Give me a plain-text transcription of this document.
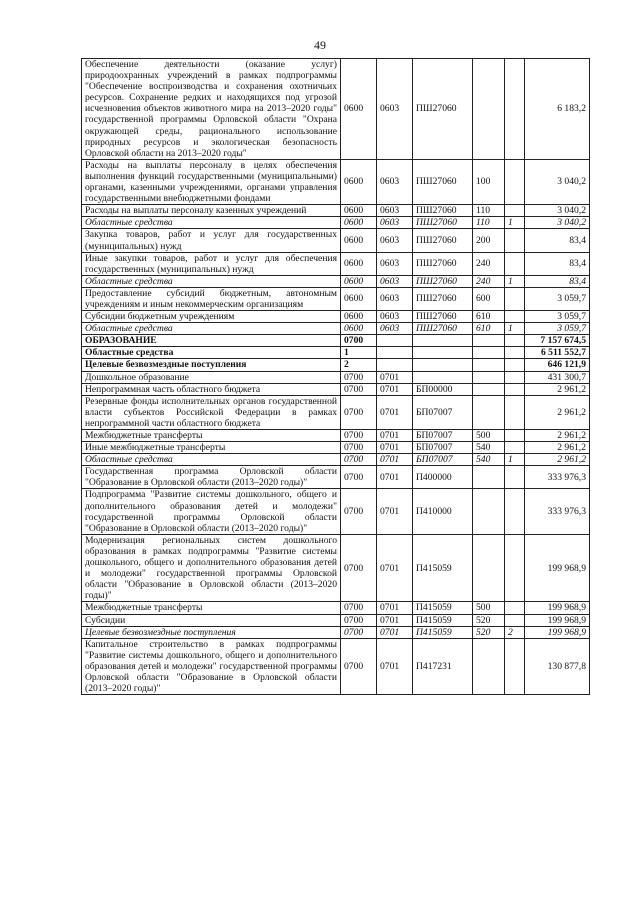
49
Обеспечение деятельности (оказание услуг) природоохранных учреждений в рамках подпрограммы "Обеспечение воспроизводства и сохранения охотничьих ресурсов. Сохранение редких и находящихся под угрозой исчезновения объектов животного мира на 2013–2020 годы" государственной программы Орловской области "Охрана окружающей среды, рационального использование природных ресурсов и экологическая безопасность Орловской области на 2013–2020 годы"	0600	0603	ПШ27060			6 183,2
Расходы на выплаты персоналу в целях обеспечения выполнения функций государственными (муниципальными) органами, казенными учреждениями, органами управления государственными внебюджетными фондами	0600	0603	ПШ27060	100		3 040,2
Расходы на выплаты персоналу казенных учреждений	0600	0603	ПШ27060	110		3 040,2
Областные средства	0600	0603	ПШ27060	110	1	3 040,2
Закупка товаров, работ и услуг для государственных (муниципальных) нужд	0600	0603	ПШ27060	200		83,4
Иные закупки товаров, работ и услуг для обеспечения государственных (муниципальных) нужд	0600	0603	ПШ27060	240		83,4
Областные средства	0600	0603	ПШ27060	240	1	83,4
Предоставление субсидий бюджетным, автономным учреждениям и иным некоммерческим организациям	0600	0603	ПШ27060	600		3 059,7
Субсидии бюджетным учреждениям	0600	0603	ПШ27060	610		3 059,7
Областные средства	0600	0603	ПШ27060	610	1	3 059,7
ОБРАЗОВАНИЕ	0700					7 157 674,5
Областные средства	1					6 511 552,7
Целевые безвозмездные поступления	2					646 121,9
Дошкольное образование	0700	0701				431 300,7
Непрограммная часть областного бюджета	0700	0701	БП00000			2 961,2
Резервные фонды исполнительных органов государственной власти субъектов Российской Федерации в рамках непрограммной части областного бюджета	0700	0701	БП07007			2 961,2
Межбюджетные трансферты	0700	0701	БП07007	500		2 961,2
Иные межбюджетные трансферты	0700	0701	БП07007	540		2 961,2
Областные средства	0700	0701	БП07007	540	1	2 961,2
Государственная программа Орловской области "Образование в Орловской области (2013–2020 годы)"	0700	0701	П400000			333 976,3
Подпрограмма "Развитие системы дошкольного, общего и дополнительного образования детей и молодежи" государственной программы Орловской области "Образование в Орловской области (2013–2020 годы)"	0700	0701	П410000			333 976,3
Модернизация региональных систем дошкольного образования в рамках подпрограммы "Развитие системы дошкольного, общего и дополнительного образования детей и молодежи" государственной программы Орловской области "Образование в Орловской области (2013–2020 годы)"	0700	0701	П415059			199 968,9
Межбюджетные трансферты	0700	0701	П415059	500		199 968,9
Субсидии	0700	0701	П415059	520		199 968,9
Целевые безвозмездные поступления	0700	0701	П415059	520	2	199 968,9
Капитальное строительство в рамках подпрограммы "Развитие системы дошкольного, общего и дополнительного образования детей и молодежи" государственной программы Орловской области "Образование в Орловской области (2013–2020 годы)"	0700	0701	П417231			130 877,8
